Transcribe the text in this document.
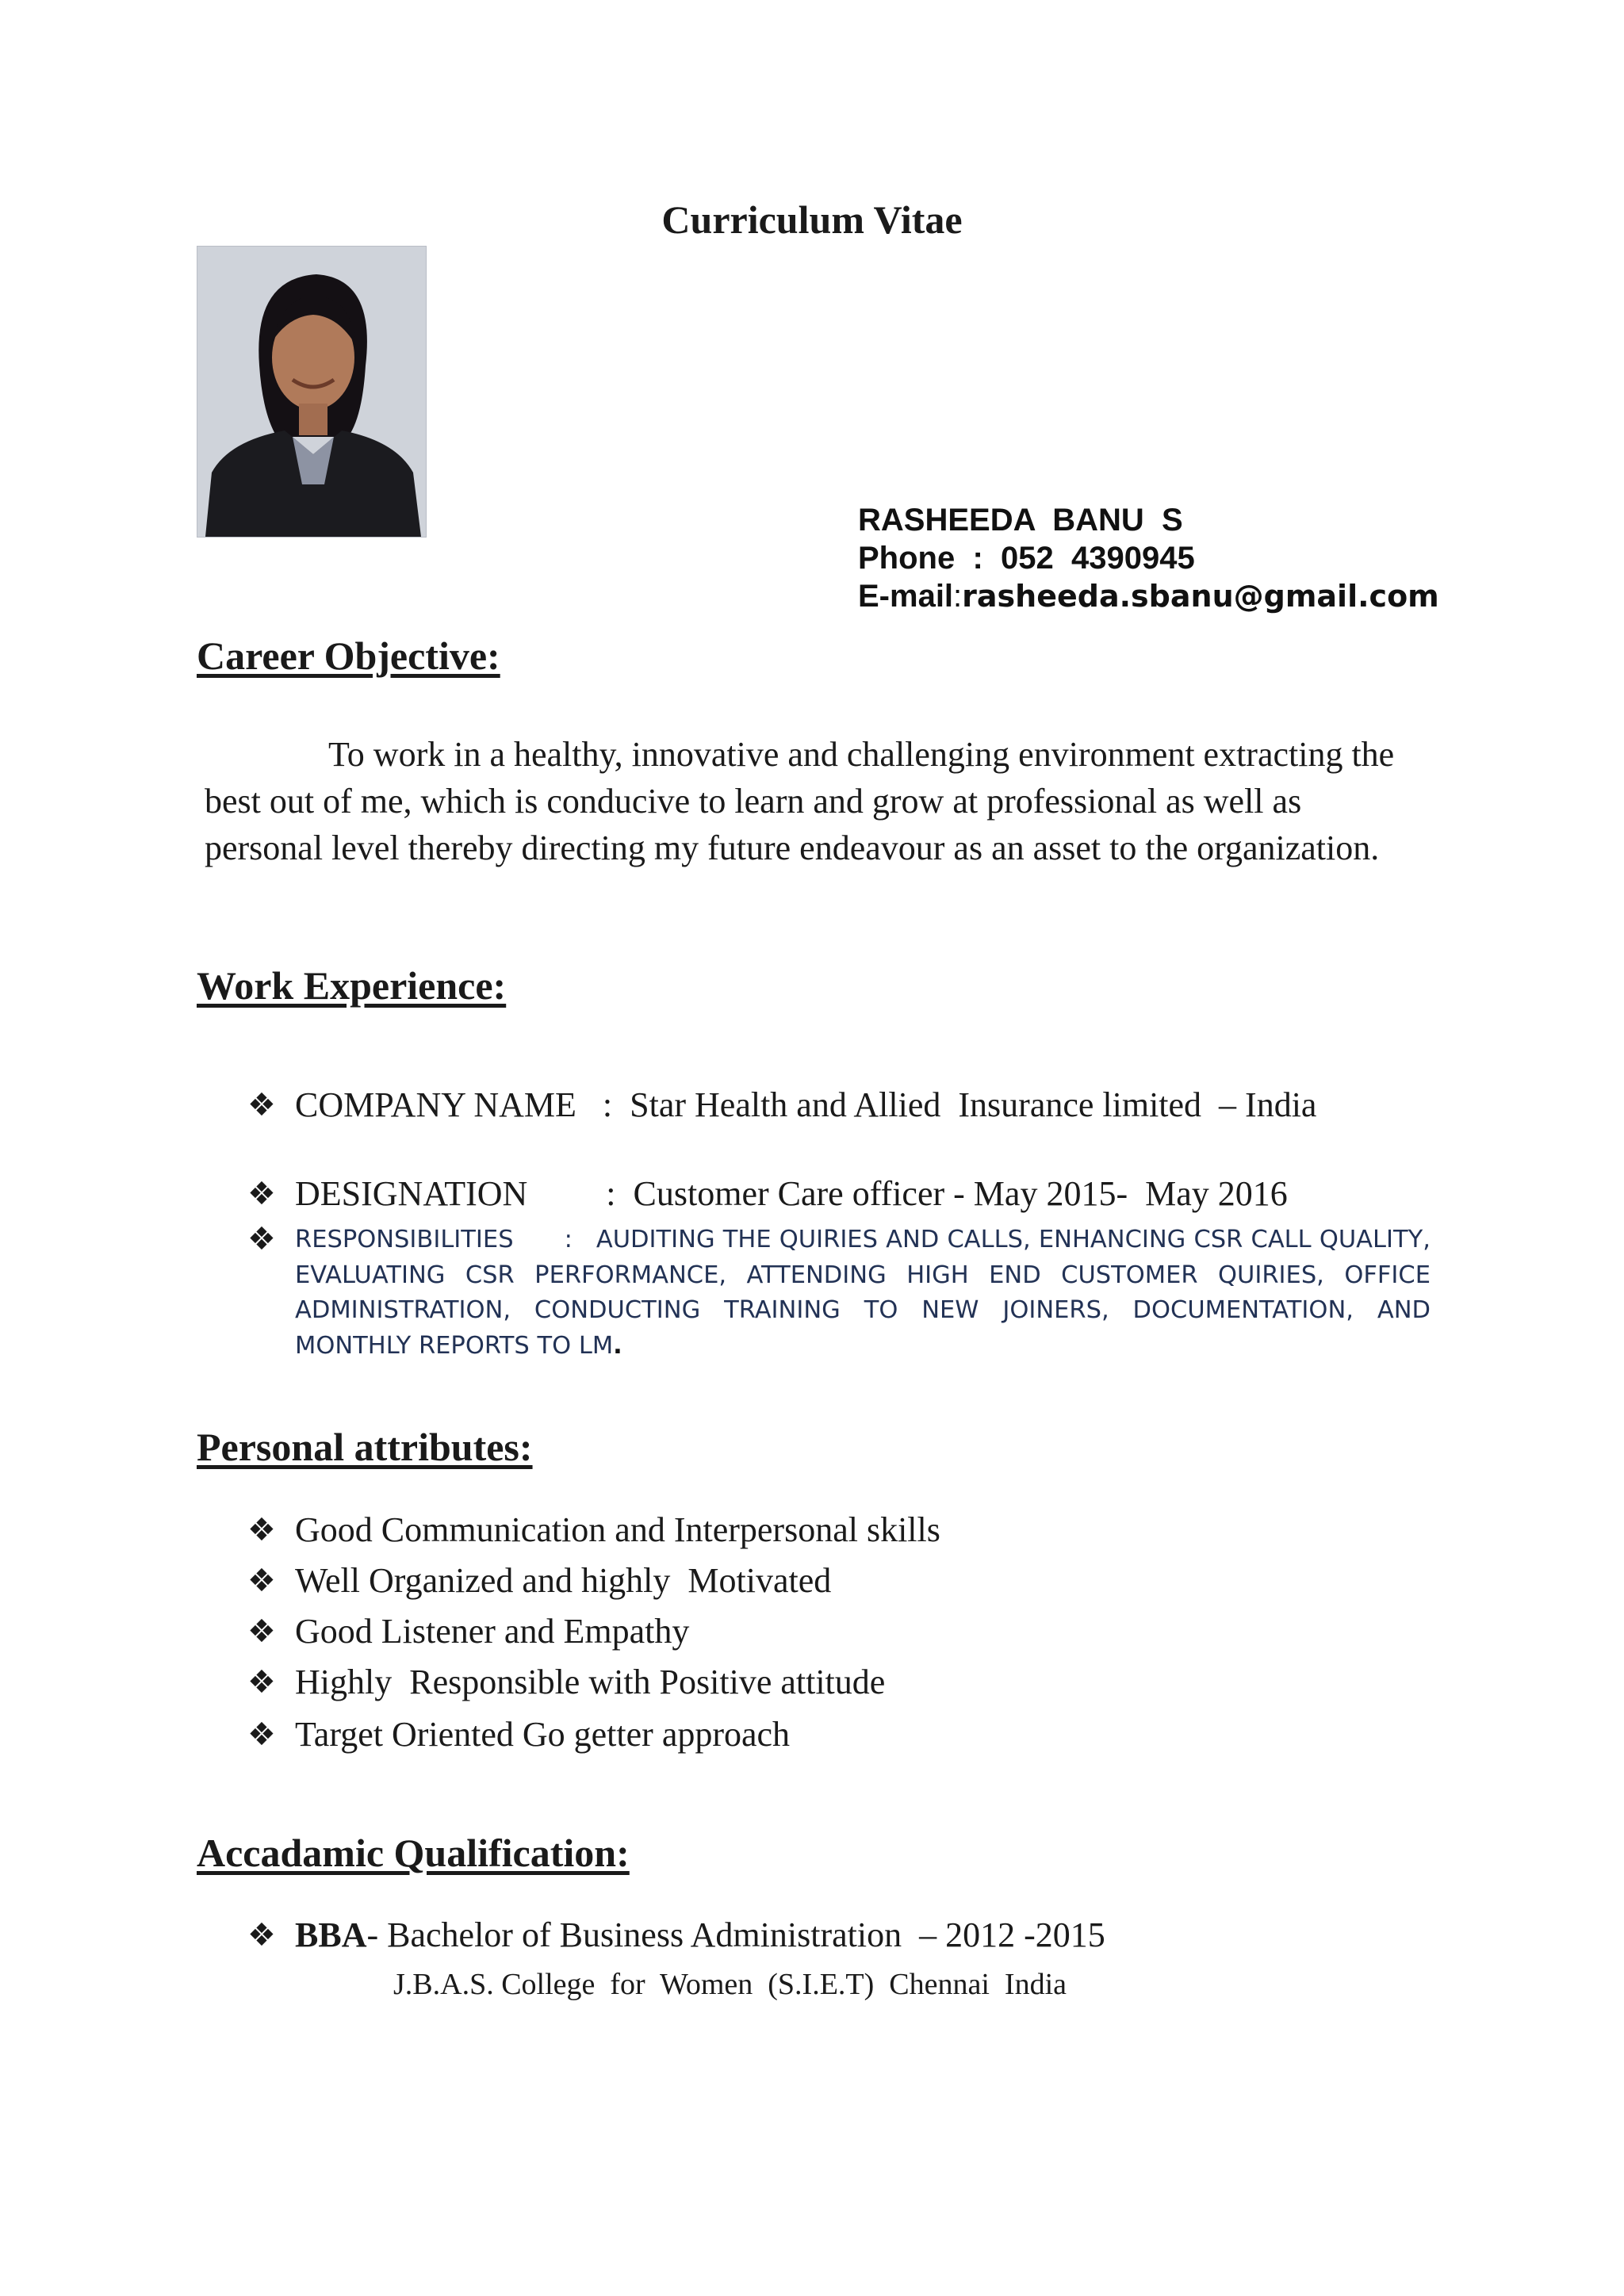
Curriculum Vitae
RASHEEDA  BANU  S
Phone  :  052  4390945
E-mail:rasheeda.sbanu@gmail.com
Career Objective:
To work in a healthy, innovative and challenging environment extracting the best out of me, which is conducive to learn and grow at professional as well as personal level thereby directing my future endeavour as an asset to the organization.
Work Experience:
❖ COMPANY NAME   :  Star Health and Allied  Insurance limited  – India
❖ DESIGNATION         :  Customer Care officer - May 2015-  May 2016
❖ RESPONSIBILITIES : AUDITING THE QUIRIES AND CALLS, ENHANCING CSR CALL QUALITY, EVALUATING CSR PERFORMANCE, ATTENDING HIGH END CUSTOMER QUIRIES, OFFICE ADMINISTRATION, CONDUCTING TRAINING TO NEW JOINERS, DOCUMENTATION, AND MONTHLY REPORTS TO LM.
Personal attributes:
❖ Good Communication and Interpersonal skills
❖ Well Organized and highly  Motivated
❖ Good Listener and Empathy
❖ Highly  Responsible with Positive attitude
❖ Target Oriented Go getter approach
Accadamic Qualification:
❖ BBA- Bachelor of Business Administration  – 2012 -2015
J.B.A.S. College  for  Women  (S.I.E.T)  Chennai  India
